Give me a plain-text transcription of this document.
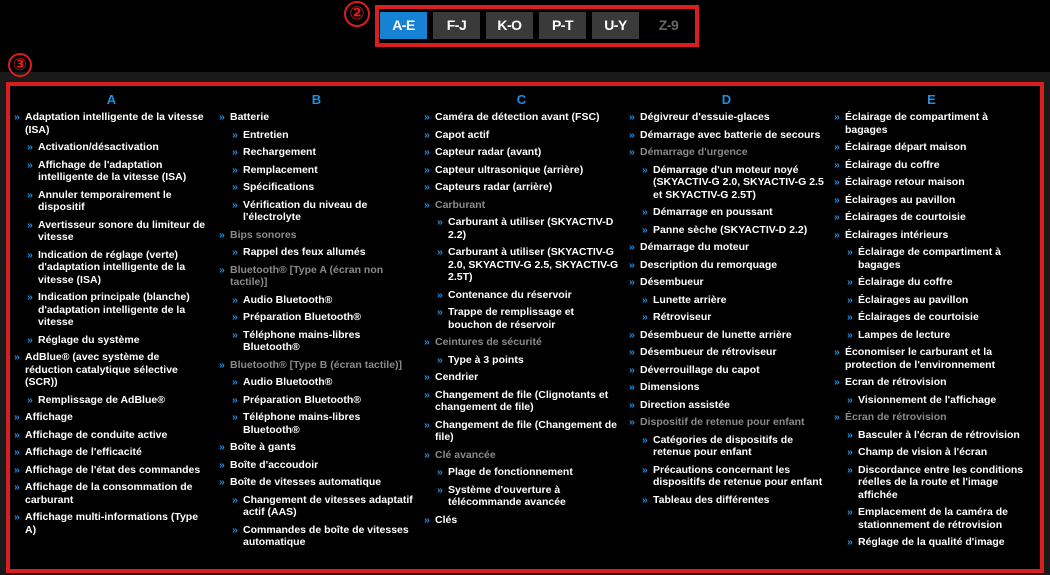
②
A-E	F-J	K-O	P-T	U-Y	Z-9
③
A
» Adaptation intelligente de la vitesse (ISA)
» Activation/désactivation
» Affichage de l'adaptation intelligente de la vitesse (ISA)
» Annuler temporairement le dispositif
» Avertisseur sonore du limiteur de vitesse
» Indication de réglage (verte) d'adaptation intelligente de la vitesse (ISA)
» Indication principale (blanche) d'adaptation intelligente de la vitesse
» Réglage du système
» AdBlue® (avec système de réduction catalytique sélective (SCR))
» Remplissage de AdBlue®
» Affichage
» Affichage de conduite active
» Affichage de l'efficacité
» Affichage de l'état des commandes
» Affichage de la consommation de carburant
» Affichage multi-informations (Type A)
B
» Batterie
» Entretien
» Rechargement
» Remplacement
» Spécifications
» Vérification du niveau de l'électrolyte
» Bips sonores
» Rappel des feux allumés
» Bluetooth® [Type A (écran non tactile)]
» Audio Bluetooth®
» Préparation Bluetooth®
» Téléphone mains-libres Bluetooth®
» Bluetooth® [Type B (écran tactile)]
» Audio Bluetooth®
» Préparation Bluetooth®
» Téléphone mains-libres Bluetooth®
» Boîte à gants
» Boîte d'accoudoir
» Boîte de vitesses automatique
» Changement de vitesses adaptatif actif (AAS)
» Commandes de boîte de vitesses automatique
C
» Caméra de détection avant (FSC)
» Capot actif
» Capteur radar (avant)
» Capteur ultrasonique (arrière)
» Capteurs radar (arrière)
» Carburant
» Carburant à utiliser (SKYACTIV-D 2.2)
» Carburant à utiliser (SKYACTIV-G 2.0, SKYACTIV-G 2.5, SKYACTIV-G 2.5T)
» Contenance du réservoir
» Trappe de remplissage et bouchon de réservoir
» Ceintures de sécurité
» Type à 3 points
» Cendrier
» Changement de file (Clignotants et changement de file)
» Changement de file (Changement de file)
» Clé avancée
» Plage de fonctionnement
» Système d'ouverture à télécommande avancée
» Clés
D
» Dégivreur d'essuie-glaces
» Démarrage avec batterie de secours
» Démarrage d'urgence
» Démarrage d'un moteur noyé (SKYACTIV-G 2.0, SKYACTIV-G 2.5 et SKYACTIV-G 2.5T)
» Démarrage en poussant
» Panne sèche (SKYACTIV-D 2.2)
» Démarrage du moteur
» Description du remorquage
» Désembueur
» Lunette arrière
» Rétroviseur
» Désembueur de lunette arrière
» Désembueur de rétroviseur
» Déverrouillage du capot
» Dimensions
» Direction assistée
» Dispositif de retenue pour enfant
» Catégories de dispositifs de retenue pour enfant
» Précautions concernant les dispositifs de retenue pour enfant
» Tableau des différentes
E
» Éclairage de compartiment à bagages
» Éclairage départ maison
» Éclairage du coffre
» Éclairage retour maison
» Éclairages au pavillon
» Éclairages de courtoisie
» Éclairages intérieurs
» Éclairage de compartiment à bagages
» Éclairage du coffre
» Éclairages au pavillon
» Éclairages de courtoisie
» Lampes de lecture
» Économiser le carburant et la protection de l'environnement
» Ecran de rétrovision
» Visionnement de l'affichage
» Écran de rétrovision
» Basculer à l'écran de rétrovision
» Champ de vision à l'écran
» Discordance entre les conditions réelles de la route et l'image affichée
» Emplacement de la caméra de stationnement de rétrovision
» Réglage de la qualité d'image
